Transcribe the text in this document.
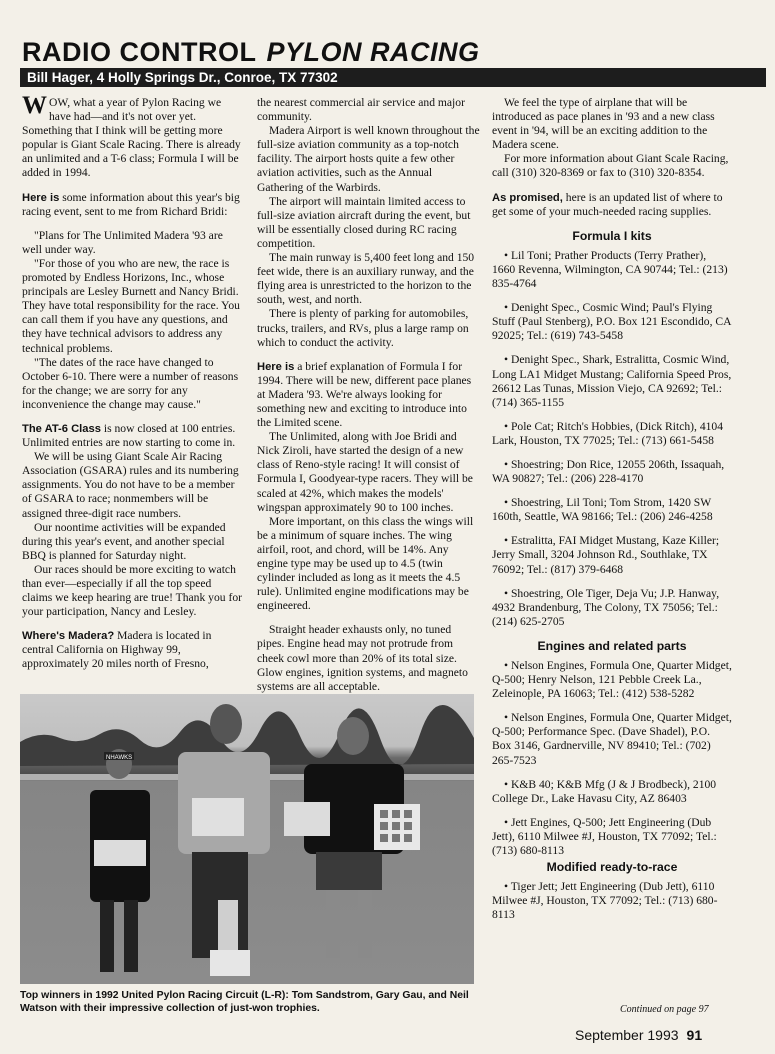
RADIO CONTROL PYLON RACING
Bill Hager, 4 Holly Springs Dr., Conroe, TX 77302

WOW, what a year of Pylon Racing we have had—and it's not over yet. Something that I think will be getting more popular is Giant Scale Racing. There is already an unlimited and a T-6 class; Formula I will be added in 1994.

Here is some information about this year's big racing event, sent to me from Richard Bridi:

"Plans for The Unlimited Madera '93 are well under way.

"For those of you who are new, the race is promoted by Endless Horizons, Inc., whose principals are Lesley Burnett and Nancy Bridi. They have total responsibility for the race. You can call them if you have any questions, and they have technical advisors to address any technical problems.

"The dates of the race have changed to October 6-10. There were a number of reasons for the change; we are sorry for any inconvenience the change may cause."

The AT-6 Class is now closed at 100 entries. Unlimited entries are now starting to come in.

We will be using Giant Scale Air Racing Association (GSARA) rules and its numbering assignments. You do not have to be a member of GSARA to race; nonmembers will be assigned three-digit race numbers.

Our noontime activities will be expanded during this year's event, and another special BBQ is planned for Saturday night.

Our races should be more exciting to watch than ever—especially if all the top speed claims we keep hearing are true! Thank you for your participation, Nancy and Lesley.

Where's Madera? Madera is located in central California on Highway 99, approximately 20 miles north of Fresno,

the nearest commercial air service and major community.

Madera Airport is well known throughout the full-size aviation community as a top-notch facility. The airport hosts quite a few other aviation activities, such as the Annual Gathering of the Warbirds.

The airport will maintain limited access to full-size aviation aircraft during the event, but will be essentially closed during RC racing competition.

The main runway is 5,400 feet long and 150 feet wide, there is an auxiliary runway, and the flying area is unrestricted to the horizon to the south, west, and north.

There is plenty of parking for automobiles, trucks, trailers, and RVs, plus a large ramp on which to conduct the activity.

Here is a brief explanation of Formula I for 1994. There will be new, different pace planes at Madera '93. We're always looking for something new and exciting to introduce into the Limited scene.

The Unlimited, along with Joe Bridi and Nick Ziroli, have started the design of a new class of Reno-style racing! It will consist of Formula I, Goodyear-type racers. They will be scaled at 42%, which makes the models' wingspan approximately 90 to 100 inches.

More important, on this class the wings will be a minimum of square inches. The wing airfoil, root, and chord, will be 14%. Any engine type may be used up to 4.5 (twin cylinder included as long as it meets the 4.5 rule). Unlimited engine modifications may be engineered.

Straight header exhausts only, no tuned pipes. Engine head may not protrude from cheek cowl more than 20% of its total size. Glow engines, ignition systems, and magneto systems are all acceptable.

We feel the type of airplane that will be introduced as pace planes in '93 and a new class event in '94, will be an exciting addition to the Madera scene.

For more information about Giant Scale Racing, call (310) 320-8369 or fax to (310) 320-8354.

As promised, here is an updated list of where to get some of your much-needed racing supplies.

Formula I kits

• Lil Toni; Prather Products (Terry Prather), 1660 Revenna, Wilmington, CA 90744; Tel.: (213) 835-4764

• Denight Spec., Cosmic Wind; Paul's Flying Stuff (Paul Stenberg), P.O. Box 121 Escondido, CA 92025; Tel.: (619) 743-5458

• Denight Spec., Shark, Estralitta, Cosmic Wind, Long LA1 Midget Mustang; California Speed Pros, 26612 Las Tunas, Mission Viejo, CA 92692; Tel.: (714) 365-1155

• Pole Cat; Ritch's Hobbies, (Dick Ritch), 4104 Lark, Houston, TX 77025; Tel.: (713) 661-5458

• Shoestring; Don Rice, 12055 206th, Issaquah, WA 90827; Tel.: (206) 228-4170

• Shoestring, Lil Toni; Tom Strom, 1420 SW 160th, Seattle, WA 98166; Tel.: (206) 246-4258

• Estralitta, FAI Midget Mustang, Kaze Killer; Jerry Small, 3204 Johnson Rd., Southlake, TX 76092; Tel.: (817) 379-6468

• Shoestring, Ole Tiger, Deja Vu; J.P. Hanway, 4932 Brandenburg, The Colony, TX 75056; Tel.: (214) 625-2705

Engines and related parts

• Nelson Engines, Formula One, Quarter Midget, Q-500; Henry Nelson, 121 Pebble Creek La., Zeleinople, PA 16063; Tel.: (412) 538-5282

• Nelson Engines, Formula One, Quarter Midget, Q-500; Performance Spec. (Dave Shadel), P.O. Box 3146, Gardnerville, NV 89410; Tel.: (702) 265-7523

• K&B 40; K&B Mfg (J & J Brodbeck), 2100 College Dr., Lake Havasu City, AZ 86403

• Jett Engines, Q-500; Jett Engineering (Dub Jett), 6110 Milwee #J, Houston, TX 77092; Tel.: (713) 680-8113

Modified ready-to-race

• Tiger Jett; Jett Engineering (Dub Jett), 6110 Milwee #J, Houston, TX 77092; Tel.: (713) 680-8113

NHAWKS
Top winners in 1992 United Pylon Racing Circuit (L-R): Tom Sandstrom, Gary Gau, and Neil Watson with their impressive collection of just-won trophies.	Continued on page 97
September 1993 91
